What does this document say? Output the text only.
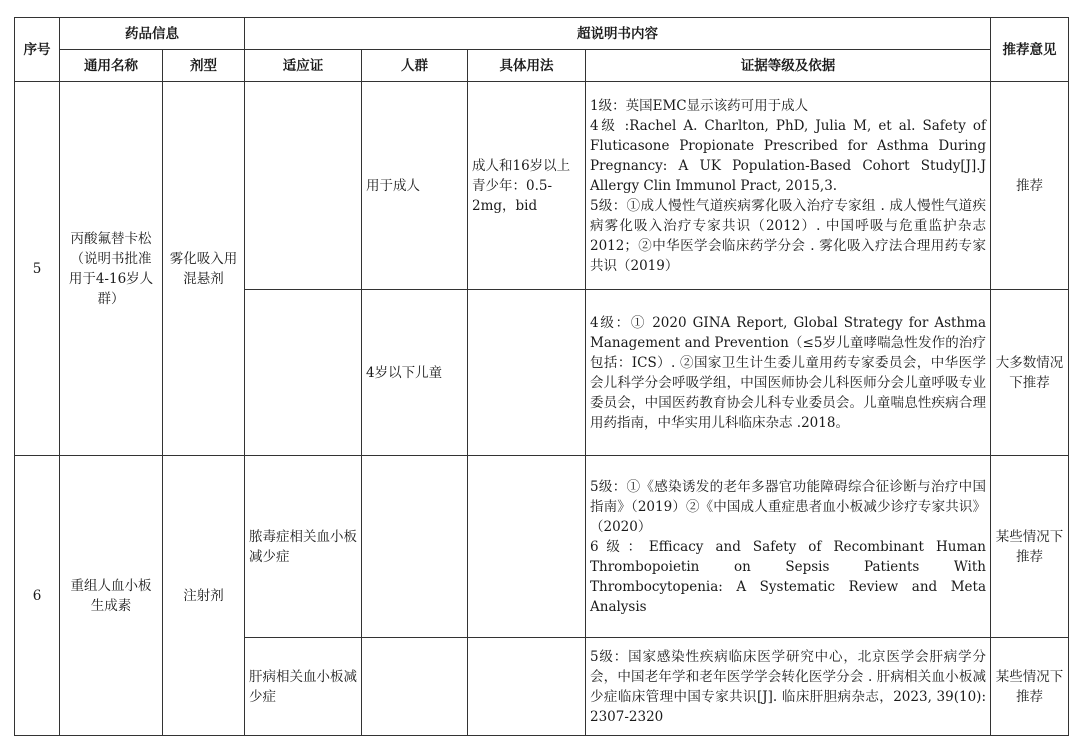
序号	药品信息		超说明书内容				推荐意见
	通用名称	剂型	适应证	人群	具体用法	证据等级及依据	
5	丙酸氟替卡松（说明书批准用于4-16岁人群）	雾化吸入用混悬剂		用于成人	成人和16岁以上青少年：0.5-2mg，bid	1级：英国EMC显示该药可用于成人
4级 :Rachel A. Charlton, PhD, Julia M, et al. Safety of Fluticasone Propionate Prescribed for Asthma During Pregnancy: A UK Population-Based Cohort Study[J].J Allergy Clin Immunol Pract, 2015,3.
5级：①成人慢性气道疾病雾化吸入治疗专家组 . 成人慢性气道疾病雾化吸入治疗专家共识（2012）. 中国呼吸与危重监护杂志 2012；②中华医学会临床药学分会 . 雾化吸入疗法合理用药专家共识（2019）	推荐
				4岁以下儿童		4级：① 2020 GINA Report, Global Strategy for Asthma Management and Prevention（≤5岁儿童哮喘急性发作的治疗包括：ICS）. ②国家卫生计生委儿童用药专家委员会，中华医学会儿科学分会呼吸学组，中国医师协会儿科医师分会儿童呼吸专业委员会，中国医药教育协会儿科专业委员会。儿童喘息性疾病合理用药指南，中华实用儿科临床杂志 .2018。	大多数情况下推荐
6	重组人血小板生成素	注射剂	脓毒症相关血小板减少症			5级：①《感染诱发的老年多器官功能障碍综合征诊断与治疗中国指南》（2019）②《中国成人重症患者血小板减少诊疗专家共识》（2020）
6级：Efficacy and Safety of Recombinant Human Thrombopoietin on Sepsis Patients With Thrombocytopenia: A Systematic Review and Meta Analysis	某些情况下推荐
			肝病相关血小板减少症			5级：国家感染性疾病临床医学研究中心，北京医学会肝病学分会，中国老年学和老年医学学会转化医学分会 . 肝病相关血小板减少症临床管理中国专家共识[J]. 临床肝胆病杂志，2023, 39(10): 2307-2320	某些情况下推荐
